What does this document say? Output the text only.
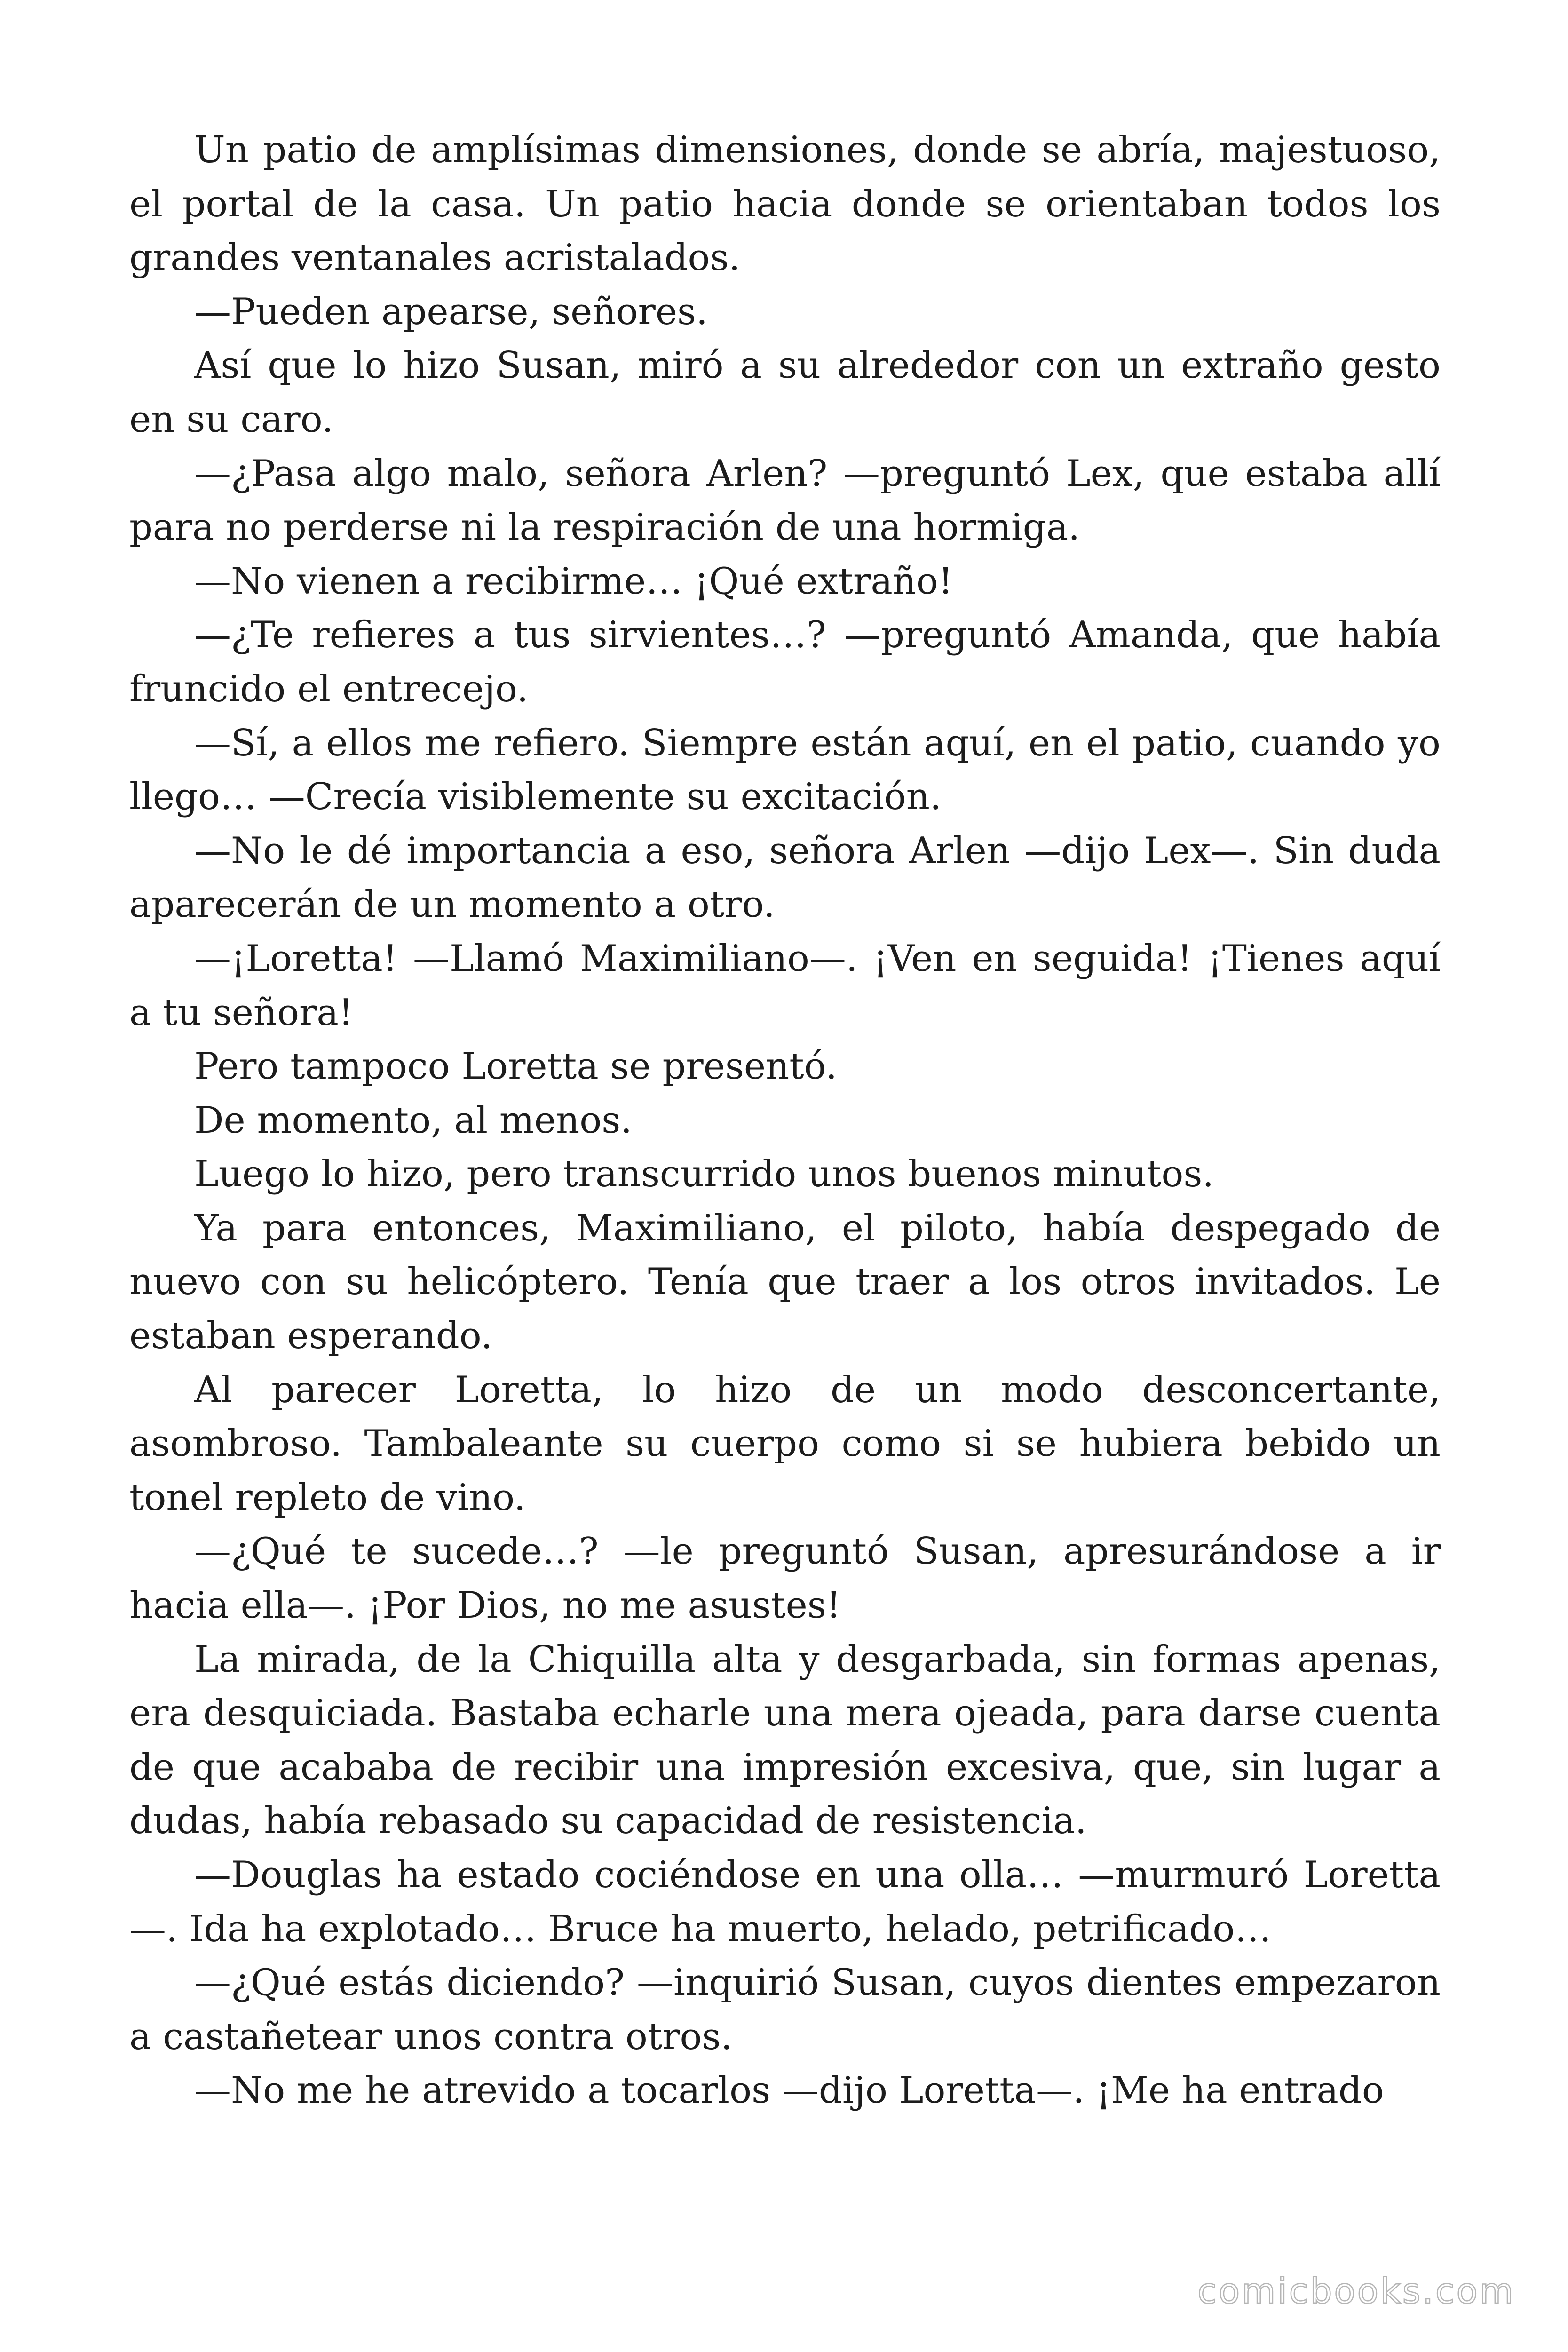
Un patio de amplísimas dimensiones, donde se abría, majestuoso, el portal de la casa. Un patio hacia donde se orientaban todos los grandes ventanales acristalados.

—Pueden apearse, señores.

Así que lo hizo Susan, miró a su alrededor con un extraño gesto en su caro.

—¿Pasa algo malo, señora Arlen? —preguntó Lex, que estaba allí para no perderse ni la respiración de una hormiga.

—No vienen a recibirme… ¡Qué extraño!

—¿Te refieres a tus sirvientes…? —preguntó Amanda, que había fruncido el entrecejo.

—Sí, a ellos me refiero. Siempre están aquí, en el patio, cuando yo llego… —Crecía visiblemente su excitación.

—No le dé importancia a eso, señora Arlen —dijo Lex—. Sin duda aparecerán de un momento a otro.

—¡Loretta! —Llamó Maximiliano—. ¡Ven en seguida! ¡Tienes aquí a tu señora!

Pero tampoco Loretta se presentó.

De momento, al menos.

Luego lo hizo, pero transcurrido unos buenos minutos.

Ya para entonces, Maximiliano, el piloto, había despegado de nuevo con su helicóptero. Tenía que traer a los otros invitados. Le estaban esperando.

Al parecer Loretta, lo hizo de un modo desconcertante, asombroso. Tambaleante su cuerpo como si se hubiera bebido un tonel repleto de vino.

—¿Qué te sucede…? —le preguntó Susan, apresurándose a ir hacia ella—. ¡Por Dios, no me asustes!

La mirada, de la Chiquilla alta y desgarbada, sin formas apenas, era desquiciada. Bastaba echarle una mera ojeada, para darse cuenta de que acababa de recibir una impresión excesiva, que, sin lugar a dudas, había rebasado su capacidad de resistencia.

—Douglas ha estado cociéndose en una olla… —murmuró Loretta—. Ida ha explotado… Bruce ha muerto, helado, petrificado…

—¿Qué estás diciendo? —inquirió Susan, cuyos dientes empezaron a castañetear unos contra otros.

—No me he atrevido a tocarlos —dijo Loretta—. ¡Me ha entrado

comicbooks.com
